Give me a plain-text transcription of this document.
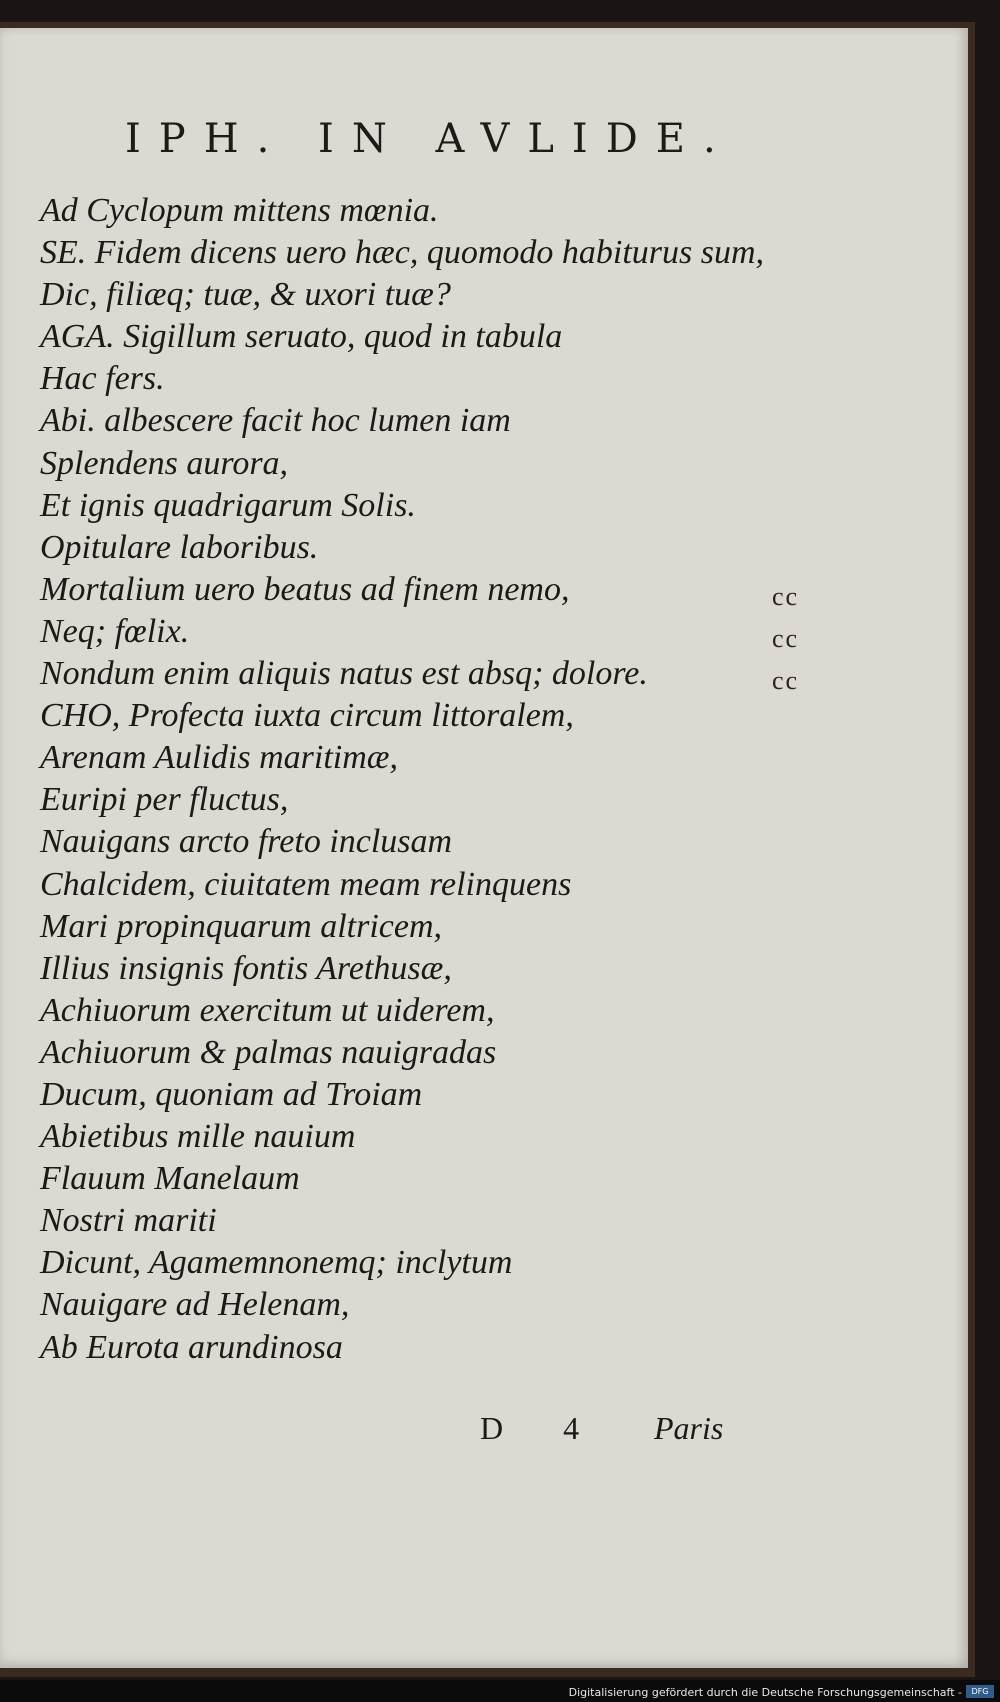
IPH. IN AVLIDE.
Ad Cyclopum mittens mœnia.
SE. Fidem dicens uero hæc, quomodo habiturus sum,
Dic, filiæq; tuæ, & uxori tuæ?
AGA. Sigillum seruato, quod in tabula
Hac fers.
Abi. albescere facit hoc lumen iam
Splendens aurora,
Et ignis quadrigarum Solis.
Opitulare laboribus.
Mortalium uero beatus ad finem nemo,
Neq; fœlix.
Nondum enim aliquis natus est absq; dolore.
CHO, Profecta iuxta circum littoralem,
Arenam Aulidis maritimæ,
Euripi per fluctus,
Nauigans arcto freto inclusam
Chalcidem, ciuitatem meam relinquens
Mari propinquarum altricem,
Illius insignis fontis Arethusæ,
Achiuorum exercitum ut uiderem,
Achiuorum & palmas nauigradas
Ducum, quoniam ad Troiam
Abietibus mille nauium
Flauum Manelaum
Nostri mariti
Dicunt, Agamemnonemq; inclytum
Nauigare ad Helenam,
Ab Eurota arundinosa
cc
cc
cc
D 4 Paris
Digitalisierung gefördert durch die Deutsche Forschungsgemeinschaft -	DFG
